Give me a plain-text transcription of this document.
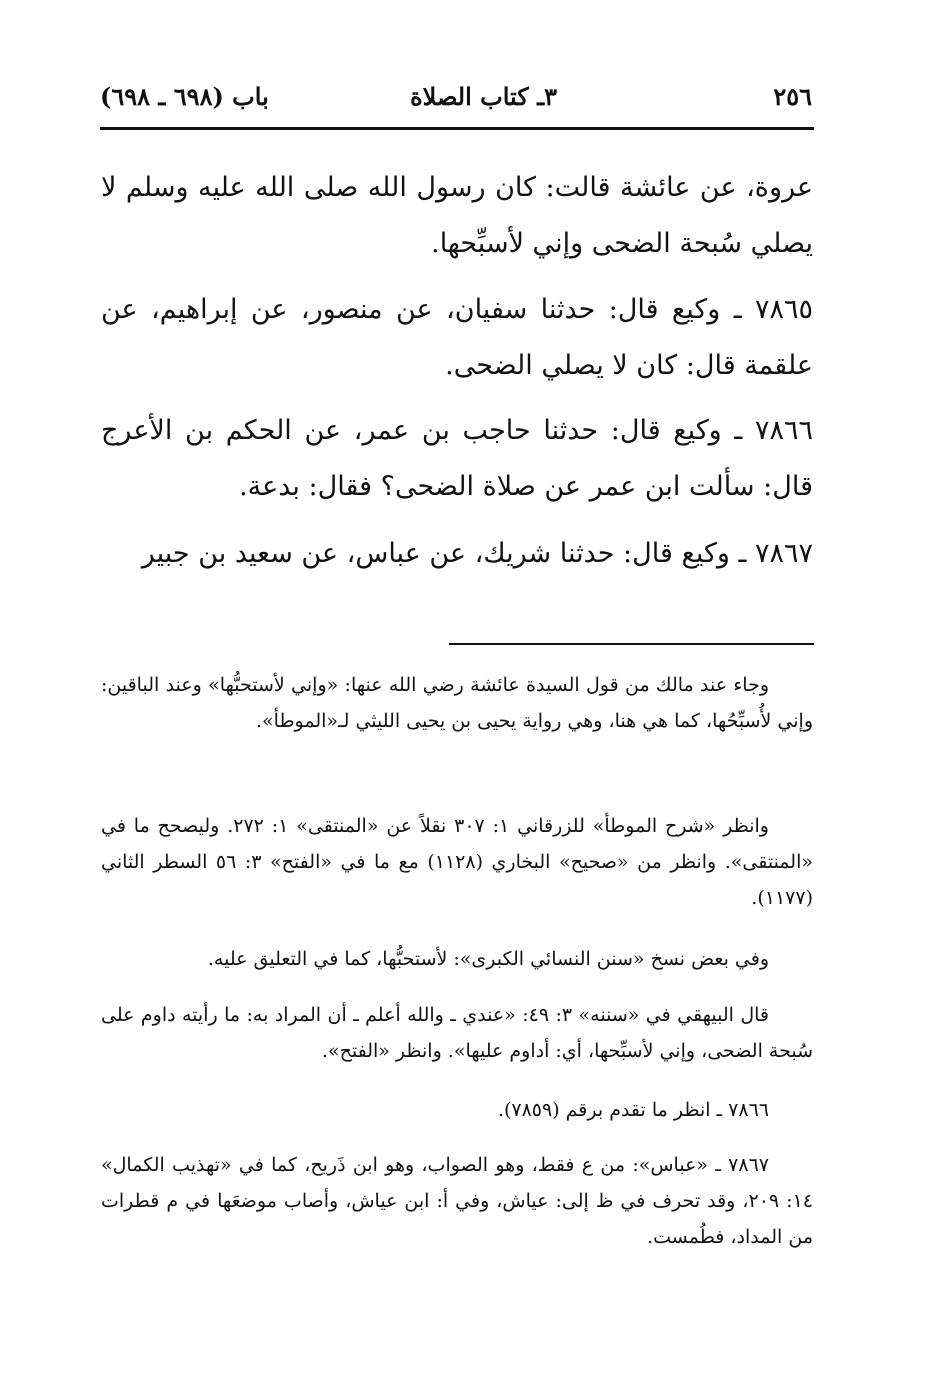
٢٥٦
٣ـ كتاب الصلاة
باب (٦٩٨ ـ ٦٩٨)

عروة، عن عائشة قالت: كان رسول الله صلى الله عليه وسلم لا يصلي سُبحة الضحى وإني لأسبِّحها.

٧٨٦٥ ـ وكيع قال: حدثنا سفيان، عن منصور، عن إبراهيم، عن علقمة قال: كان لا يصلي الضحى.

٧٨٦٦ ـ وكيع قال: حدثنا حاجب بن عمر، عن الحكم بن الأعرج قال: سألت ابن عمر عن صلاة الضحى؟ فقال: بدعة.

٧٨٦٧ ـ وكيع قال: حدثنا شريك، عن عباس، عن سعيد بن جبير

وجاء عند مالك من قول السيدة عائشة رضي الله عنها: «وإني لأستحبُّها» وعند الباقين: وإني لأُسبِّحُها، كما هي هنا، وهي رواية يحيى بن يحيى الليثي لـ«الموطأ».

وانظر «شرح الموطأ» للزرقاني ١: ٣٠٧ نقلاً عن «المنتقى» ١: ٢٧٢. وليصحح ما في «المنتقى». وانظر من «صحيح» البخاري (١١٢٨) مع ما في «الفتح» ٣: ٥٦ السطر الثاني (١١٧٧).

وفي بعض نسخ «سنن النسائي الكبرى»: لأستحبُّها، كما في التعليق عليه.

قال البيهقي في «سننه» ٣: ٤٩: «عندي ـ والله أعلم ـ أن المراد به: ما رأيته داوم على سُبحة الضحى، وإني لأسبِّحها، أي: أداوم عليها». وانظر «الفتح».

٧٨٦٦ ـ انظر ما تقدم برقم (٧٨٥٩).

٧٨٦٧ ـ «عباس»: من ع فقط، وهو الصواب، وهو ابن ذَريح، كما في «تهذيب الكمال» ١٤: ٢٠٩، وقد تحرف في ظ إلى: عياش، وفي أ: ابن عياش، وأصاب موضعَها في م قطرات من المداد، فطُمست.
